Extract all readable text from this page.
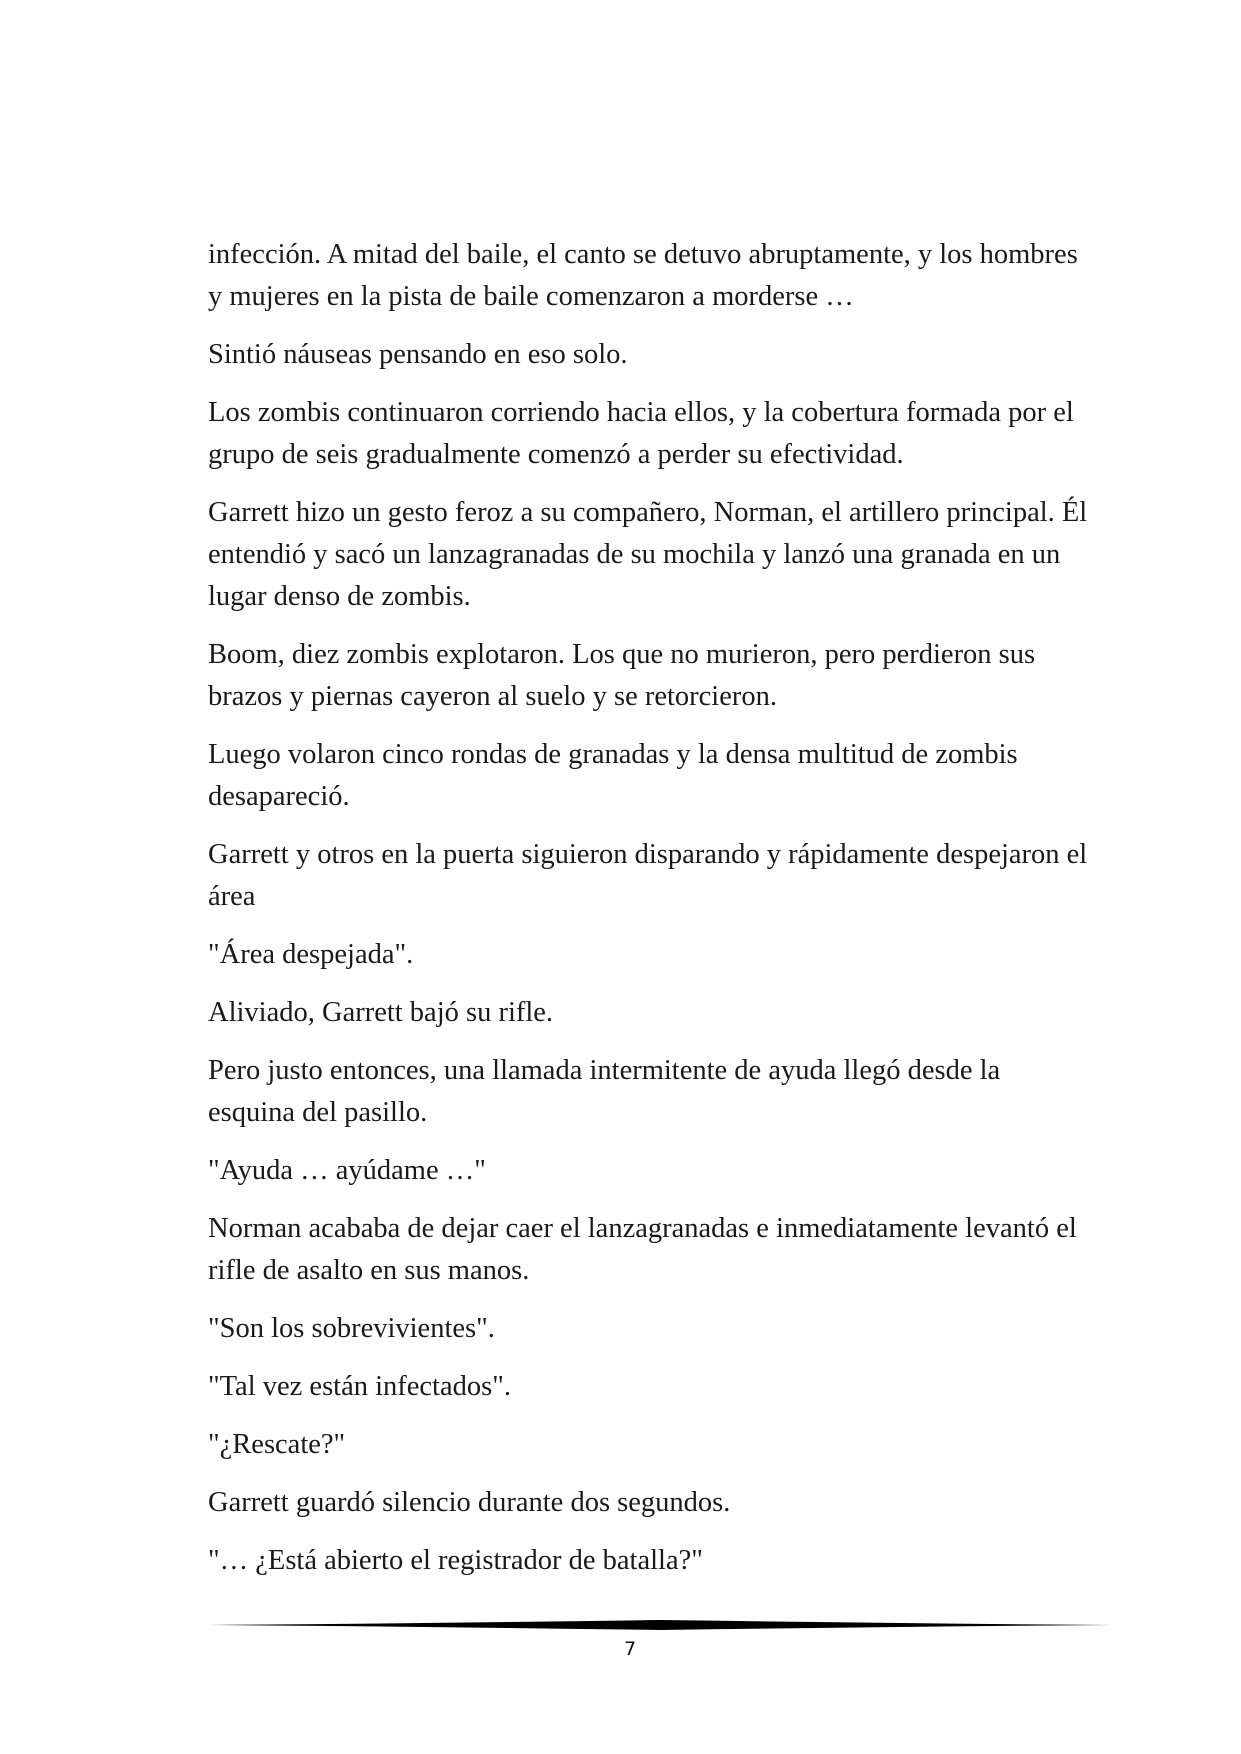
infección. A mitad del baile, el canto se detuvo abruptamente, y los hombres y mujeres en la pista de baile comenzaron a morderse …

Sintió náuseas pensando en eso solo.

Los zombis continuaron corriendo hacia ellos, y la cobertura formada por el grupo de seis gradualmente comenzó a perder su efectividad.

Garrett hizo un gesto feroz a su compañero, Norman, el artillero principal. Él entendió y sacó un lanzagranadas de su mochila y lanzó una granada en un lugar denso de zombis.

Boom, diez zombis explotaron. Los que no murieron, pero perdieron sus brazos y piernas cayeron al suelo y se retorcieron.

Luego volaron cinco rondas de granadas y la densa multitud de zombis desapareció.

Garrett y otros en la puerta siguieron disparando y rápidamente despejaron el área

"Área despejada".

Aliviado, Garrett bajó su rifle.

Pero justo entonces, una llamada intermitente de ayuda llegó desde la esquina del pasillo.

"Ayuda … ayúdame …"

Norman acababa de dejar caer el lanzagranadas e inmediatamente levantó el rifle de asalto en sus manos.

"Son los sobrevivientes".

"Tal vez están infectados".

"¿Rescate?"

Garrett guardó silencio durante dos segundos.

"… ¿Está abierto el registrador de batalla?"

7
